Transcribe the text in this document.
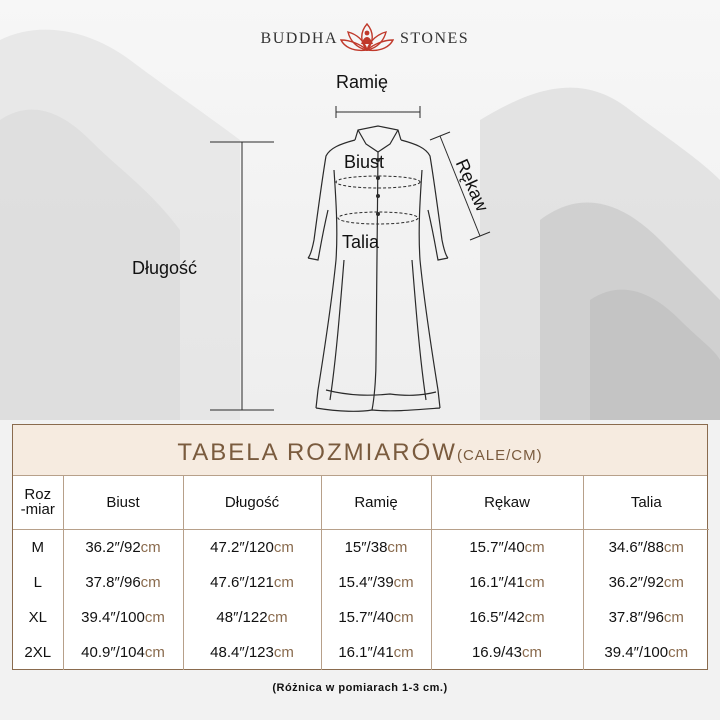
BUDDHA	STONES
Ramię
Biust
Talia
Długość
Rękaw
TABELA ROZMIARÓW(CALE/CM)
Roz
-miar	Biust	Długość	Ramię	Rękaw	Talia
M	36.2″/92cm	47.2″/120cm	15″/38cm	15.7″/40cm	34.6″/88cm
L	37.8″/96cm	47.6″/121cm	15.4″/39cm	16.1″/41cm	36.2″/92cm
XL	39.4″/100cm	48″/122cm	15.7″/40cm	16.5″/42cm	37.8″/96cm
2XL	40.9″/104cm	48.4″/123cm	16.1″/41cm	16.9/43cm	39.4″/100cm
(Różnica w pomiarach 1-3 cm.)
